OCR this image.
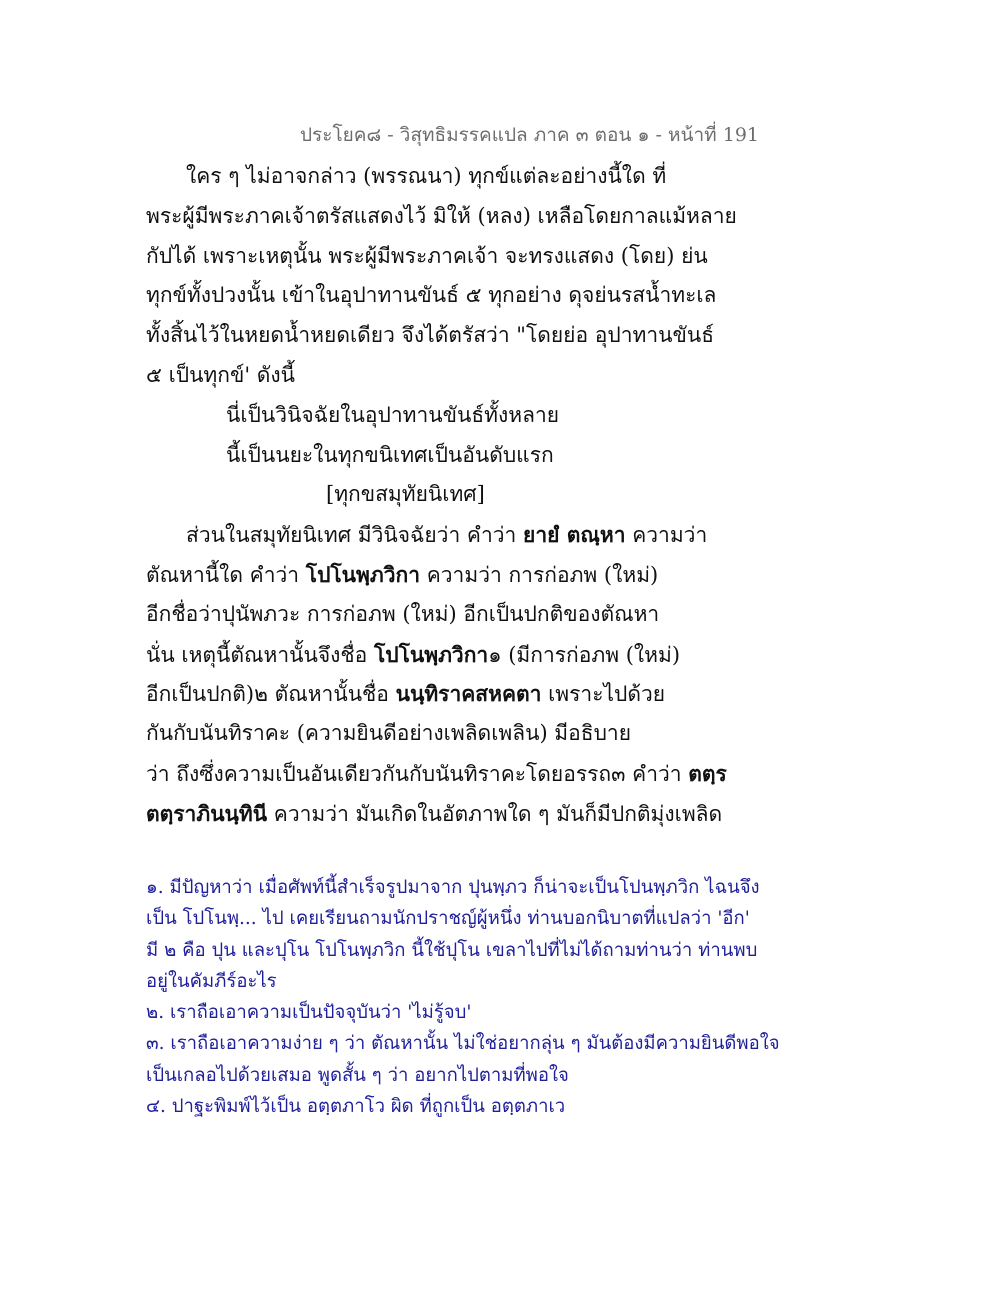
ประโยค๘ - วิสุทธิมรรคแปล ภาค ๓ ตอน ๑ - หน้าที่ 191
ใคร ๆ ไม่อาจกล่าว (พรรณนา) ทุกข์แต่ละอย่างนี้ใด ที่
พระผู้มีพระภาคเจ้าตรัสแสดงไว้ มิให้ (หลง) เหลือโดยกาลแม้หลาย
กัปได้ เพราะเหตุนั้น พระผู้มีพระภาคเจ้า จะทรงแสดง (โดย) ย่น
ทุกข์ทั้งปวงนั้น เข้าในอุปาทานขันธ์ ๕ ทุกอย่าง ดุจย่นรสน้ำทะเล
ทั้งสิ้นไว้ในหยดน้ำหยดเดียว จึงได้ตรัสว่า "โดยย่อ อุปาทานขันธ์
๕ เป็นทุกข์' ดังนี้
นี่เป็นวินิจฉัยในอุปาทานขันธ์ทั้งหลาย
นี้เป็นนยะในทุกขนิเทศเป็นอันดับแรก
[ทุกขสมุทัยนิเทศ]
ส่วนในสมุทัยนิเทศ มีวินิจฉัยว่า คำว่า ยายํ ตณฺหา ความว่า
ตัณหานี้ใด คำว่า โปโนพฺภวิกา ความว่า การก่อภพ (ใหม่)
อีกชื่อว่าปุนัพภวะ การก่อภพ (ใหม่) อีกเป็นปกติของตัณหา
นั่น เหตุนี้ตัณหานั้นจึงชื่อ โปโนพฺภวิกา๑ (มีการก่อภพ (ใหม่)
อีกเป็นปกติ)๒ ตัณหานั้นชื่อ นนฺทิราคสหคตา เพราะไปด้วย
กันกับนันทิราคะ (ความยินดีอย่างเพลิดเพลิน) มีอธิบาย
ว่า ถึงซึ่งความเป็นอันเดียวกันกับนันทิราคะโดยอรรถ๓ คำว่า ตตฺร
ตตฺราภินนฺทินี ความว่า มันเกิดในอัตภาพใด ๆ มันก็มีปกติมุ่งเพลิด
๑. มีปัญหาว่า เมื่อศัพท์นี้สำเร็จรูปมาจาก ปุนพฺภว ก็น่าจะเป็นโปนพฺภวิก ไฉนจึง
เป็น โปโนพฺ... ไป เคยเรียนถามนักปราชญ์ผู้หนึ่ง ท่านบอกนิบาตที่แปลว่า 'อีก'
มี ๒ คือ ปุน และปุโน โปโนพฺภวิก นี้ใช้ปุโน เขลาไปที่ไม่ได้ถามท่านว่า ท่านพบ
อยู่ในคัมภีร์อะไร
๒. เราถือเอาความเป็นปัจจุบันว่า 'ไม่รู้จบ'
๓. เราถือเอาความง่าย ๆ ว่า ตัณหานั้น ไม่ใช่อยากลุ่น ๆ มันต้องมีความยินดีพอใจ
เป็นเกลอไปด้วยเสมอ พูดสั้น ๆ ว่า อยากไปตามที่พอใจ
๔. ปาฐะพิมพ์ไว้เป็น อตฺตภาโว ผิด ที่ถูกเป็น อตฺตภาเว
